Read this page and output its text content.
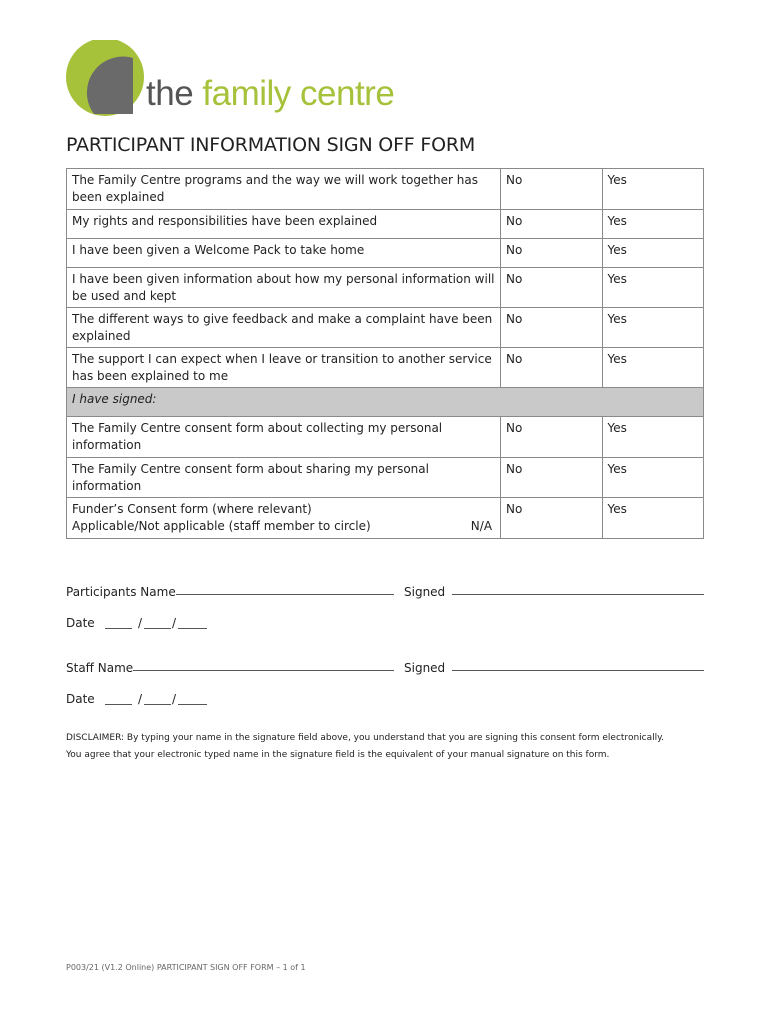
the family centre
PARTICIPANT INFORMATION SIGN OFF FORM
The Family Centre programs and the way we will work together has been explained	No	Yes
My rights and responsibilities have been explained	No	Yes
I have been given a Welcome Pack to take home	No	Yes
I have been given information about how my personal information will be used and kept	No	Yes
The different ways to give feedback and make a complaint have been explained	No	Yes
The support I can expect when I leave or transition to another service has been explained to me	No	Yes
I have signed:		
The Family Centre consent form about collecting my personal information	No	Yes
The Family Centre consent form about sharing my personal information	No	Yes

Funder’s Consent form (where relevant)
Applicable/Not applicable (staff member to circle) N/A	No	Yes
Participants Name	Signed
Date	/ /
Staff Name	Signed
Date	/ /
DISCLAIMER: By typing your name in the signature field above, you understand that you are signing this consent form electronically.
You agree that your electronic typed name in the signature field is the equivalent of your manual signature on this form.
P003/21 (V1.2 Online) PARTICIPANT SIGN OFF FORM – 1 of 1
